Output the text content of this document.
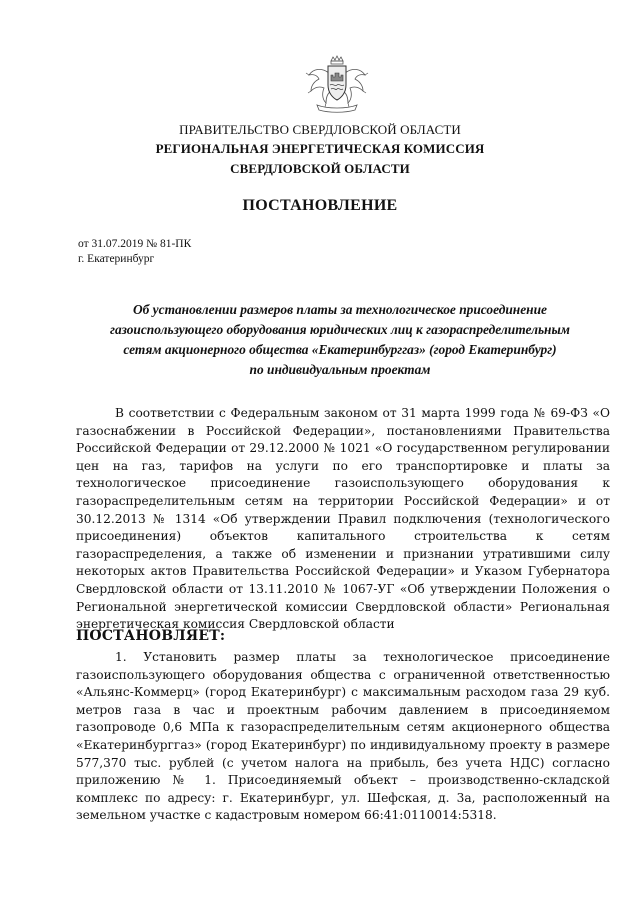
ПРАВИТЕЛЬСТВО СВЕРДЛОВСКОЙ ОБЛАСТИ
РЕГИОНАЛЬНАЯ ЭНЕРГЕТИЧЕСКАЯ КОМИССИЯ
СВЕРДЛОВСКОЙ ОБЛАСТИ
ПОСТАНОВЛЕНИЕ
от 31.07.2019 № 81-ПК
г. Екатеринбург
Об установлении размеров платы за технологическое присоединение
газоиспользующего оборудования юридических лиц к газораспределительным
сетям акционерного общества «Екатеринбурггаз» (город Екатеринбург)
по индивидуальным проектам
В соответствии с Федеральным законом от 31 марта 1999 года № 69-ФЗ «О газоснабжении в Российской Федерации», постановлениями Правительства Российской Федерации от 29.12.2000 № 1021 «О государственном регулировании цен на газ, тарифов на услуги по его транспортировке и платы за технологическое присоединение газоиспользующего оборудования к газораспределительным сетям на территории Российской Федерации» и от 30.12.2013 № 1314 «Об утверждении Правил подключения (технологического присоединения) объектов капитального строительства к сетям газораспределения, а также об изменении и признании утратившими силу некоторых актов Правительства Российской Федерации» и Указом Губернатора Свердловской области от 13.11.2010 № 1067-УГ «Об утверждении Положения о Региональной энергетической комиссии Свердловской области» Региональная энергетическая комиссия Свердловской области
ПОСТАНОВЛЯЕТ:
1. Установить размер платы за технологическое присоединение газоиспользующего оборудования общества с ограниченной ответственностью «Альянс-Коммерц» (город Екатеринбург) с максимальным расходом газа 29 куб. метров газа в час и проектным рабочим давлением в присоединяемом газопроводе 0,6 МПа к газораспределительным сетям акционерного общества «Екатеринбурггаз» (город Екатеринбург) по индивидуальному проекту в размере 577,370 тыс. рублей (с учетом налога на прибыль, без учета НДС) согласно приложению № 1. Присоединяемый объект – производственно-складской комплекс по адресу: г. Екатеринбург, ул. Шефская, д. 3а, расположенный на земельном участке с кадастровым номером 66:41:0110014:5318.
